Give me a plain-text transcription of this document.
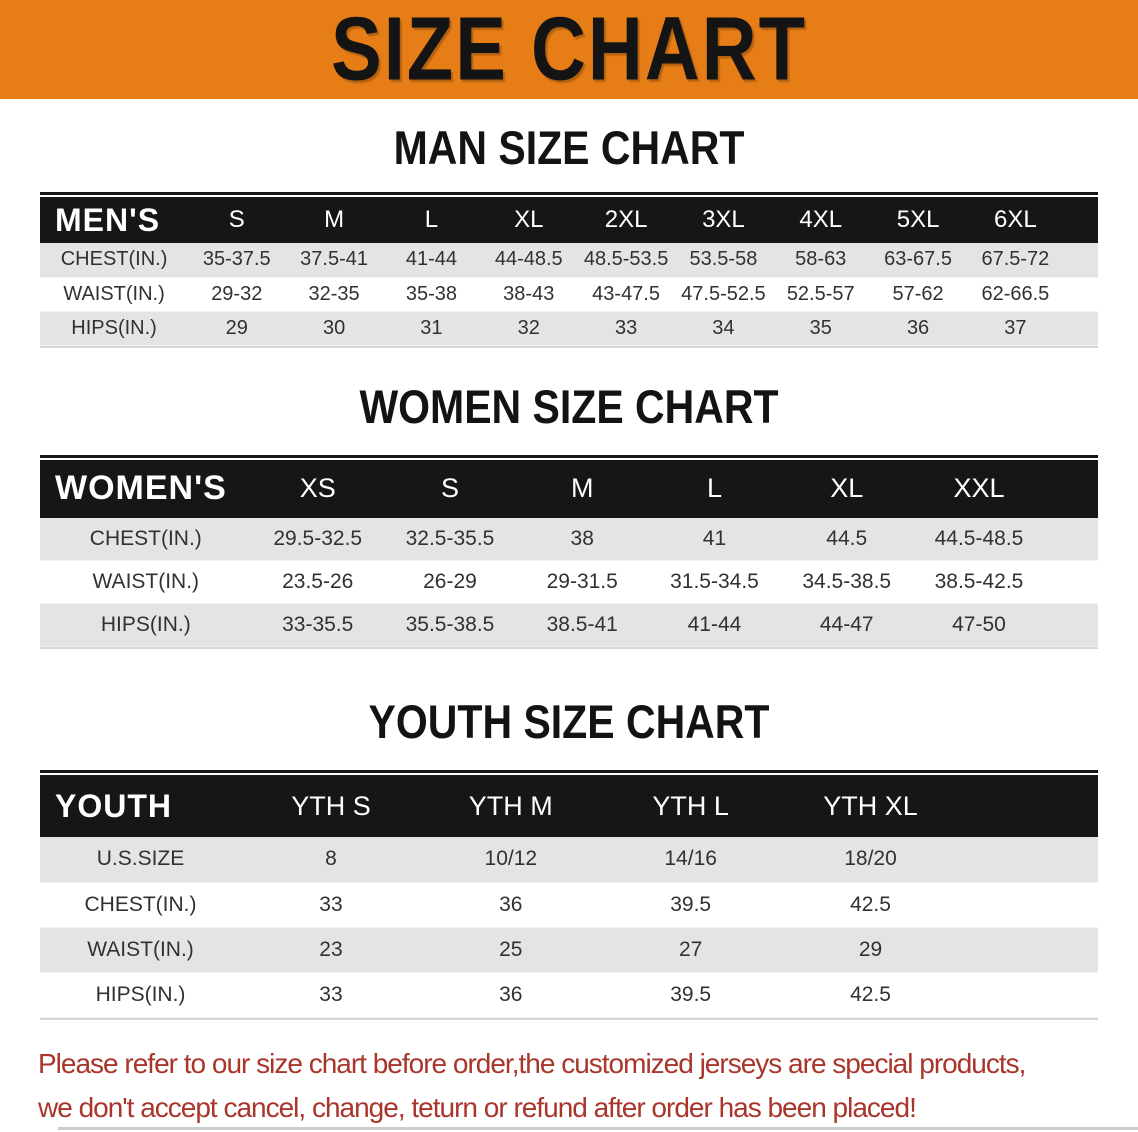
SIZE CHART
MAN SIZE CHART
MEN'S	S	M	L	XL	2XL	3XL	4XL	5XL	6XL	
CHEST(IN.)	35-37.5	37.5-41	41-44	44-48.5	48.5-53.5	53.5-58	58-63	63-67.5	67.5-72	
WAIST(IN.)	29-32	32-35	35-38	38-43	43-47.5	47.5-52.5	52.5-57	57-62	62-66.5	
HIPS(IN.)	29	30	31	32	33	34	35	36	37	
WOMEN SIZE CHART
WOMEN'S	XS	S	M	L	XL	XXL	
CHEST(IN.)	29.5-32.5	32.5-35.5	38	41	44.5	44.5-48.5	
WAIST(IN.)	23.5-26	26-29	29-31.5	31.5-34.5	34.5-38.5	38.5-42.5	
HIPS(IN.)	33-35.5	35.5-38.5	38.5-41	41-44	44-47	47-50	
YOUTH SIZE CHART
YOUTH	YTH S	YTH M	YTH L	YTH XL	
U.S.SIZE	8	10/12	14/16	18/20	
CHEST(IN.)	33	36	39.5	42.5	
WAIST(IN.)	23	25	27	29	
HIPS(IN.)	33	36	39.5	42.5	

Please refer to our size chart before order,the customized jerseys are special products,
we don't accept cancel, change, teturn or refund after order has been placed!
